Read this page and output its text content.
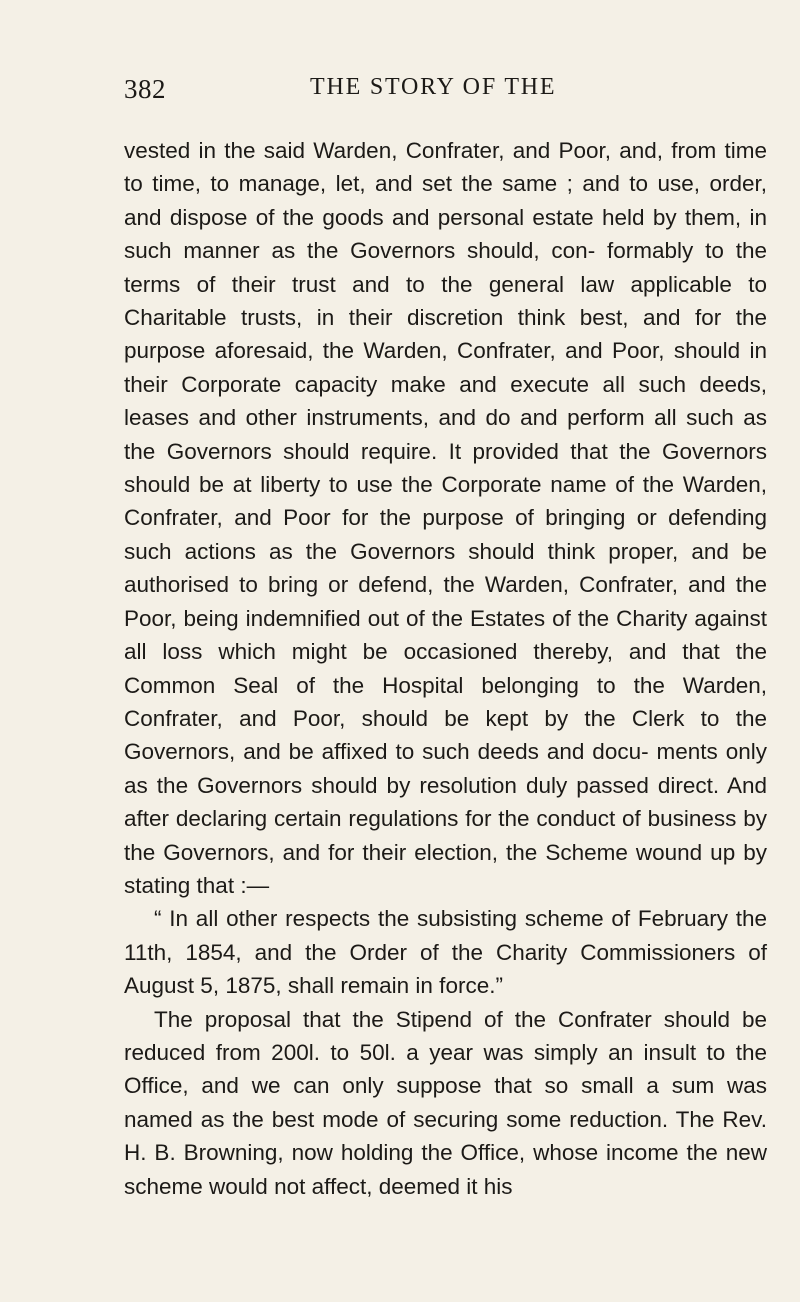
382	THE STORY OF THE

vested in the said Warden, Confrater, and Poor, and, from time to time, to manage, let, and set the same ; and to use, order, and dispose of the goods and personal estate held by them, in such manner as the Governors should, con- formably to the terms of their trust and to the general law applicable to Charitable trusts, in their discretion think best, and for the purpose aforesaid, the Warden, Confrater, and Poor, should in their Corporate capacity make and execute all such deeds, leases and other instruments, and do and perform all such as the Governors should require. It provided that the Governors should be at liberty to use the Corporate name of the Warden, Confrater, and Poor for the purpose of bringing or defending such actions as the Governors should think proper, and be authorised to bring or defend, the Warden, Confrater, and the Poor, being indemnified out of the Estates of the Charity against all loss which might be occasioned thereby, and that the Common Seal of the Hospital belonging to the Warden, Confrater, and Poor, should be kept by the Clerk to the Governors, and be affixed to such deeds and docu- ments only as the Governors should by resolution duly passed direct. And after declaring certain regulations for the conduct of business by the Governors, and for their election, the Scheme wound up by stating that :—

“ In all other respects the subsisting scheme of February the 11th, 1854, and the Order of the Charity Commissioners of August 5, 1875, shall remain in force.”

The proposal that the Stipend of the Confrater should be reduced from 200l. to 50l. a year was simply an insult to the Office, and we can only suppose that so small a sum was named as the best mode of securing some reduction. The Rev. H. B. Browning, now holding the Office, whose income the new scheme would not affect, deemed it his
